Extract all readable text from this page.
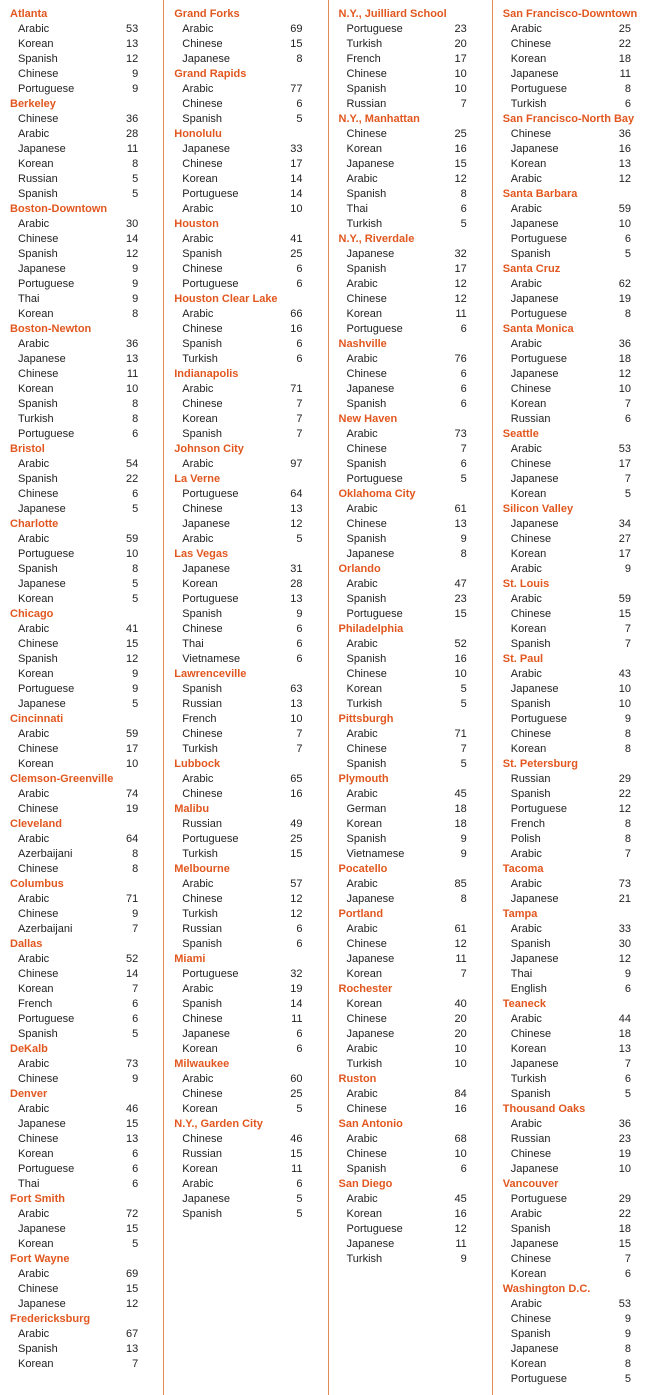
Atlanta
Arabic	53
Korean	13
Spanish	12
Chinese	9
Portuguese	9
Berkeley
Chinese	36
Arabic	28
Japanese	11
Korean	8
Russian	5
Spanish	5
Boston-Downtown
Arabic	30
Chinese	14
Spanish	12
Japanese	9
Portuguese	9
Thai	9
Korean	8
Boston-Newton
Arabic	36
Japanese	13
Chinese	11
Korean	10
Spanish	8
Turkish	8
Portuguese	6
Bristol
Arabic	54
Spanish	22
Chinese	6
Japanese	5
Charlotte
Arabic	59
Portuguese	10
Spanish	8
Japanese	5
Korean	5
Chicago
Arabic	41
Chinese	15
Spanish	12
Korean	9
Portuguese	9
Japanese	5
Cincinnati
Arabic	59
Chinese	17
Korean	10
Clemson-Greenville
Arabic	74
Chinese	19
Cleveland
Arabic	64
Azerbaijani	8
Chinese	8
Columbus
Arabic	71
Chinese	9
Azerbaijani	7
Dallas
Arabic	52
Chinese	14
Korean	7
French	6
Portuguese	6
Spanish	5
DeKalb
Arabic	73
Chinese	9
Denver
Arabic	46
Japanese	15
Chinese	13
Korean	6
Portuguese	6
Thai	6
Fort Smith
Arabic	72
Japanese	15
Korean	5
Fort Wayne
Arabic	69
Chinese	15
Japanese	12
Fredericksburg
Arabic	67
Spanish	13
Korean	7
Grand Forks
Arabic	69
Chinese	15
Japanese	8
Grand Rapids
Arabic	77
Chinese	6
Spanish	5
Honolulu
Japanese	33
Chinese	17
Korean	14
Portuguese	14
Arabic	10
Houston
Arabic	41
Spanish	25
Chinese	6
Portuguese	6
Houston Clear Lake
Arabic	66
Chinese	16
Spanish	6
Turkish	6
Indianapolis
Arabic	71
Chinese	7
Korean	7
Spanish	7
Johnson City
Arabic	97
La Verne
Portuguese	64
Chinese	13
Japanese	12
Arabic	5
Las Vegas
Japanese	31
Korean	28
Portuguese	13
Spanish	9
Chinese	6
Thai	6
Vietnamese	6
Lawrenceville
Spanish	63
Russian	13
French	10
Chinese	7
Turkish	7
Lubbock
Arabic	65
Chinese	16
Malibu
Russian	49
Portuguese	25
Turkish	15
Melbourne
Arabic	57
Chinese	12
Turkish	12
Russian	6
Spanish	6
Miami
Portuguese	32
Arabic	19
Spanish	14
Chinese	11
Japanese	6
Korean	6
Milwaukee
Arabic	60
Chinese	25
Korean	5
N.Y., Garden City
Chinese	46
Russian	15
Korean	11
Arabic	6
Japanese	5
Spanish	5
N.Y., Juilliard School
Portuguese	23
Turkish	20
French	17
Chinese	10
Spanish	10
Russian	7
N.Y., Manhattan
Chinese	25
Korean	16
Japanese	15
Arabic	12
Spanish	8
Thai	6
Turkish	5
N.Y., Riverdale
Japanese	32
Spanish	17
Arabic	12
Chinese	12
Korean	11
Portuguese	6
Nashville
Arabic	76
Chinese	6
Japanese	6
Spanish	6
New Haven
Arabic	73
Chinese	7
Spanish	6
Portuguese	5
Oklahoma City
Arabic	61
Chinese	13
Spanish	9
Japanese	8
Orlando
Arabic	47
Spanish	23
Portuguese	15
Philadelphia
Arabic	52
Spanish	16
Chinese	10
Korean	5
Turkish	5
Pittsburgh
Arabic	71
Chinese	7
Spanish	5
Plymouth
Arabic	45
German	18
Korean	18
Spanish	9
Vietnamese	9
Pocatello
Arabic	85
Japanese	8
Portland
Arabic	61
Chinese	12
Japanese	11
Korean	7
Rochester
Korean	40
Chinese	20
Japanese	20
Arabic	10
Turkish	10
Ruston
Arabic	84
Chinese	16
San Antonio
Arabic	68
Chinese	10
Spanish	6
San Diego
Arabic	45
Korean	16
Portuguese	12
Japanese	11
Turkish	9
San Francisco-Downtown
Arabic	25
Chinese	22
Korean	18
Japanese	11
Portuguese	8
Turkish	6
San Francisco-North Bay
Chinese	36
Japanese	16
Korean	13
Arabic	12
Santa Barbara
Arabic	59
Japanese	10
Portuguese	6
Spanish	5
Santa Cruz
Arabic	62
Japanese	19
Portuguese	8
Santa Monica
Arabic	36
Portuguese	18
Japanese	12
Chinese	10
Korean	7
Russian	6
Seattle
Arabic	53
Chinese	17
Japanese	7
Korean	5
Silicon Valley
Japanese	34
Chinese	27
Korean	17
Arabic	9
St. Louis
Arabic	59
Chinese	15
Korean	7
Spanish	7
St. Paul
Arabic	43
Japanese	10
Spanish	10
Portuguese	9
Chinese	8
Korean	8
St. Petersburg
Russian	29
Spanish	22
Portuguese	12
French	8
Polish	8
Arabic	7
Tacoma
Arabic	73
Japanese	21
Tampa
Arabic	33
Spanish	30
Japanese	12
Thai	9
English	6
Teaneck
Arabic	44
Chinese	18
Korean	13
Japanese	7
Turkish	6
Spanish	5
Thousand Oaks
Arabic	36
Russian	23
Chinese	19
Japanese	10
Vancouver
Portuguese	29
Arabic	22
Spanish	18
Japanese	15
Chinese	7
Korean	6
Washington D.C.
Arabic	53
Chinese	9
Spanish	9
Japanese	8
Korean	8
Portuguese	5
